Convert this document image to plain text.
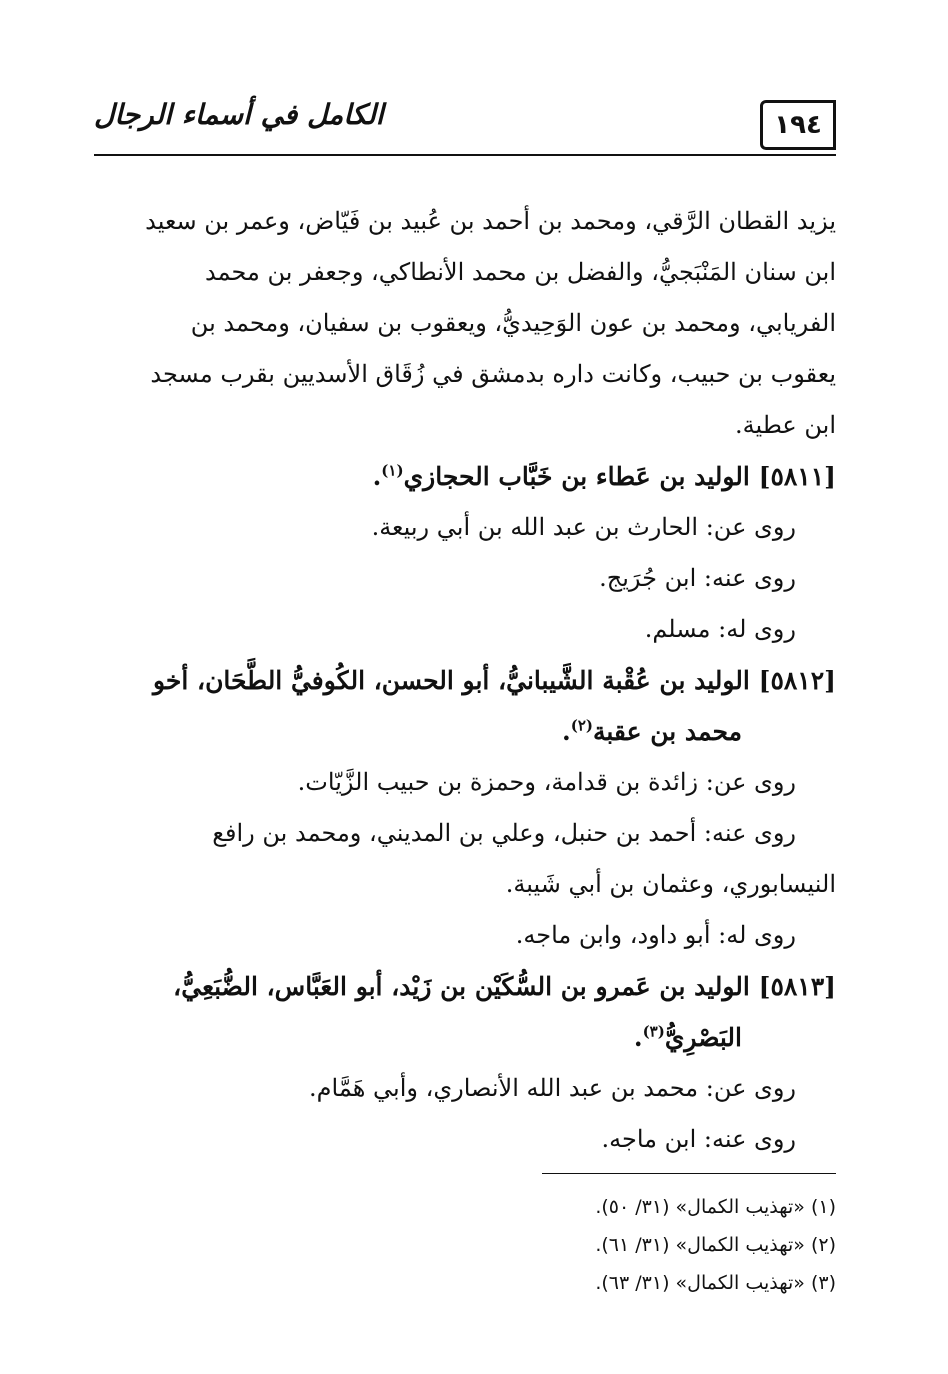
١٩٤
الكامل في أسماء الرجال

يزيد القطان الرَّقي، ومحمد بن أحمد بن عُبيد بن فَيّاض، وعمر بن سعيد

ابن سنان المَنْبَجيُّ، والفضل بن محمد الأنطاكي، وجعفر بن محمد

الفريابي، ومحمد بن عون الوَحِيديُّ، ويعقوب بن سفيان، ومحمد بن

يعقوب بن حبيب، وكانت داره بدمشق في زُقَاق الأسديين بقرب مسجد

ابن عطية.

[٥٨١١] الوليد بن عَطاء بن خَبَّاب الحجازي$^{(١)}$.

روى عن: الحارث بن عبد الله بن أبي ربيعة.

روى عنه: ابن جُرَيج.

روى له: مسلم.

[٥٨١٢] الوليد بن عُقْبة الشَّيبانيُّ، أبو الحسن، الكُوفيُّ الطَّحَان، أخو

محمد بن عقبة$^{(٢)}$.

روى عن: زائدة بن قدامة، وحمزة بن حبيب الزَّيّات.

روى عنه: أحمد بن حنبل، وعلي بن المديني، ومحمد بن رافع

النيسابوري، وعثمان بن أبي شَيبة.

روى له: أبو داود، وابن ماجه.

[٥٨١٣] الوليد بن عَمرو بن السُّكَيْن بن زَيْد، أبو العَبَّاس، الضُّبَعِيُّ،

البَصْرِيُّ$^{(٣)}$.

روى عن: محمد بن عبد الله الأنصاري، وأبي هَمَّام.

روى عنه: ابن ماجه.

(١) «تهذيب الكمال» (٣١/ ٥٠).

(٢) «تهذيب الكمال» (٣١/ ٦١).

(٣) «تهذيب الكمال» (٣١/ ٦٣).
